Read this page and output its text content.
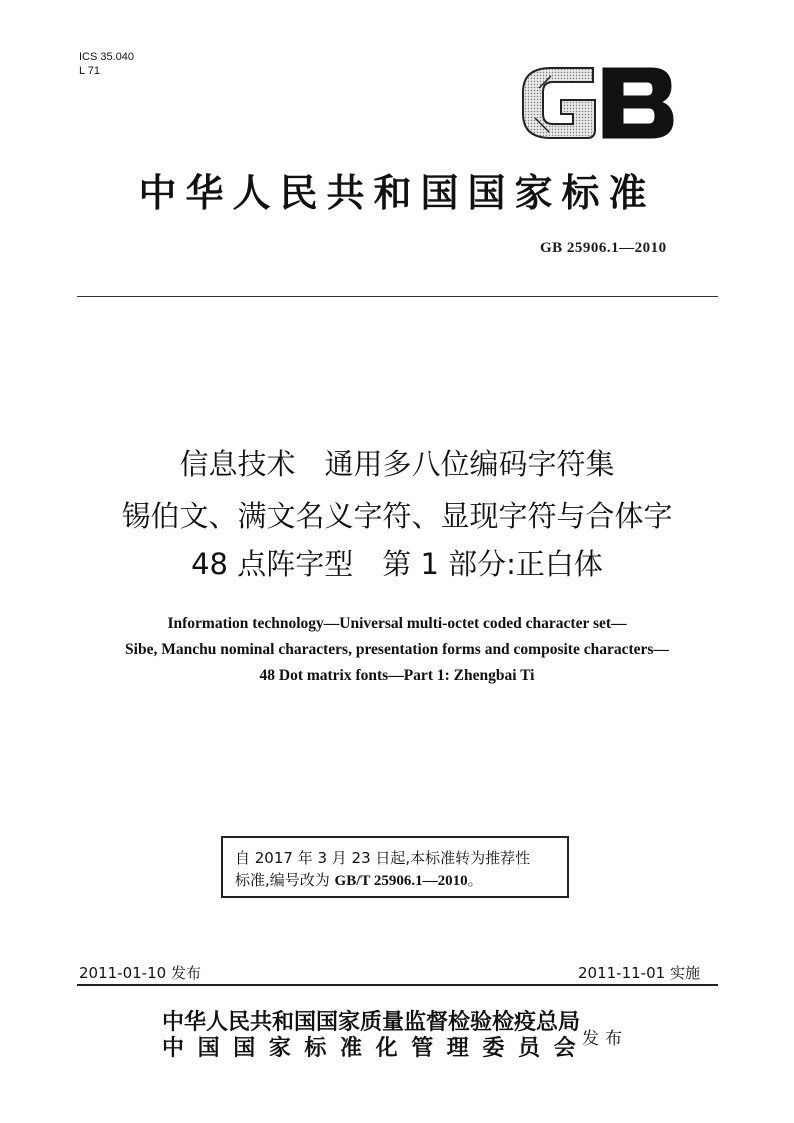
ICS 35.040
L 71
中华人民共和国国家标准
GB 25906.1—2010
信息技术　通用多八位编码字符集
锡伯文、满文名义字符、显现字符与合体字
48 点阵字型　第 1 部分:正白体
Information technology—Universal multi-octet coded character set—
Sibe, Manchu nominal characters, presentation forms and composite characters—
48 Dot matrix fonts—Part 1: Zhengbai Ti
自 2017 年 3 月 23 日起,本标准转为推荐性
标准,编号改为 GB/T 25906.1—2010。
2011-01-10 发布	2011-11-01 实施
中华人民共和国国家质量监督检验检疫总局
中国国家标准化管理委员会
发布
